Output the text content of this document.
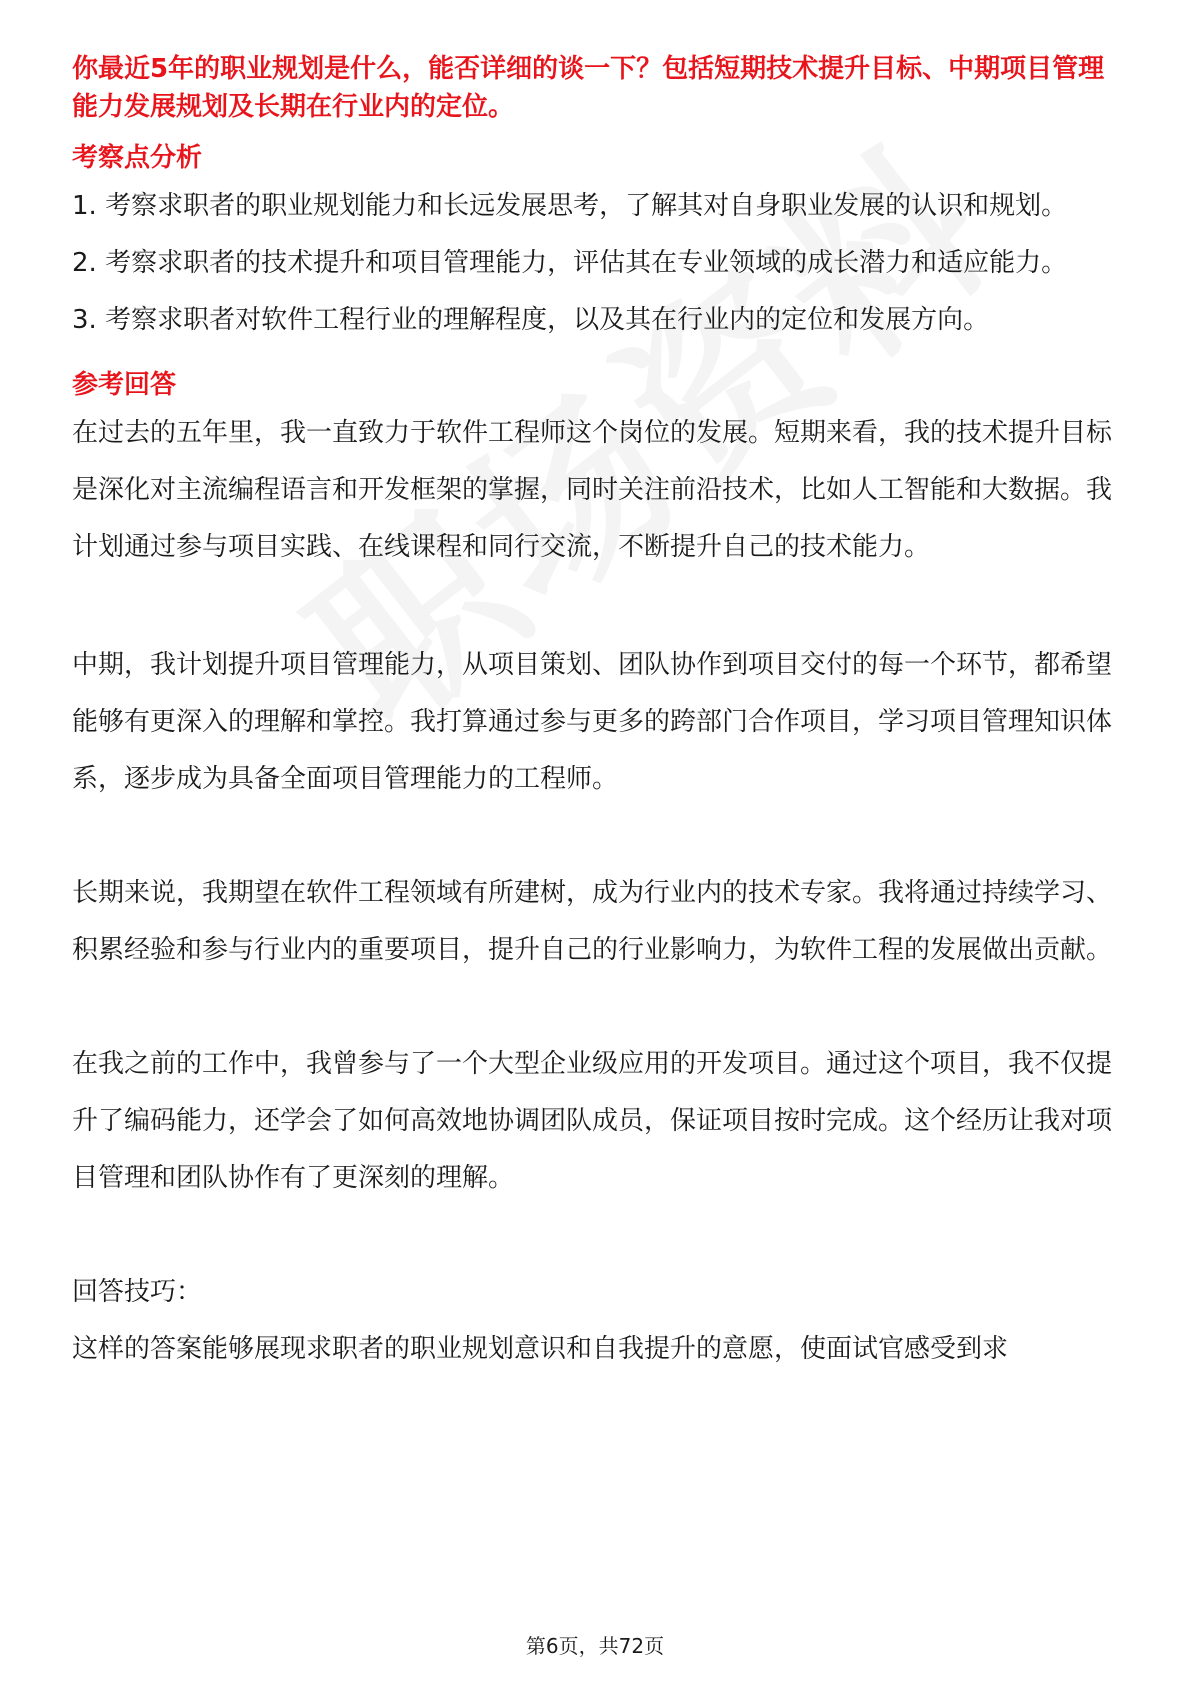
你最近5年的职业规划是什么，能否详细的谈一下？包括短期技术提升目标、中期项目管理能力发展规划及长期在行业内的定位。

考察点分析

1. 考察求职者的职业规划能力和长远发展思考，了解其对自身职业发展的认识和规划。

2. 考察求职者的技术提升和项目管理能力，评估其在专业领域的成长潜力和适应能力。

3. 考察求职者对软件工程行业的理解程度，以及其在行业内的定位和发展方向。

参考回答

在过去的五年里，我一直致力于软件工程师这个岗位的发展。短期来看，我的技术提升目标是深化对主流编程语言和开发框架的掌握，同时关注前沿技术，比如人工智能和大数据。我计划通过参与项目实践、在线课程和同行交流，不断提升自己的技术能力。

中期，我计划提升项目管理能力，从项目策划、团队协作到项目交付的每一个环节，都希望能够有更深入的理解和掌控。我打算通过参与更多的跨部门合作项目，学习项目管理知识体系，逐步成为具备全面项目管理能力的工程师。

长期来说，我期望在软件工程领域有所建树，成为行业内的技术专家。我将通过持续学习、积累经验和参与行业内的重要项目，提升自己的行业影响力，为软件工程的发展做出贡献。

在我之前的工作中，我曾参与了一个大型企业级应用的开发项目。通过这个项目，我不仅提升了编码能力，还学会了如何高效地协调团队成员，保证项目按时完成。这个经历让我对项目管理和团队协作有了更深刻的理解。

回答技巧：

这样的答案能够展现求职者的职业规划意识和自我提升的意愿，使面试官感受到求

第6页，共72页
